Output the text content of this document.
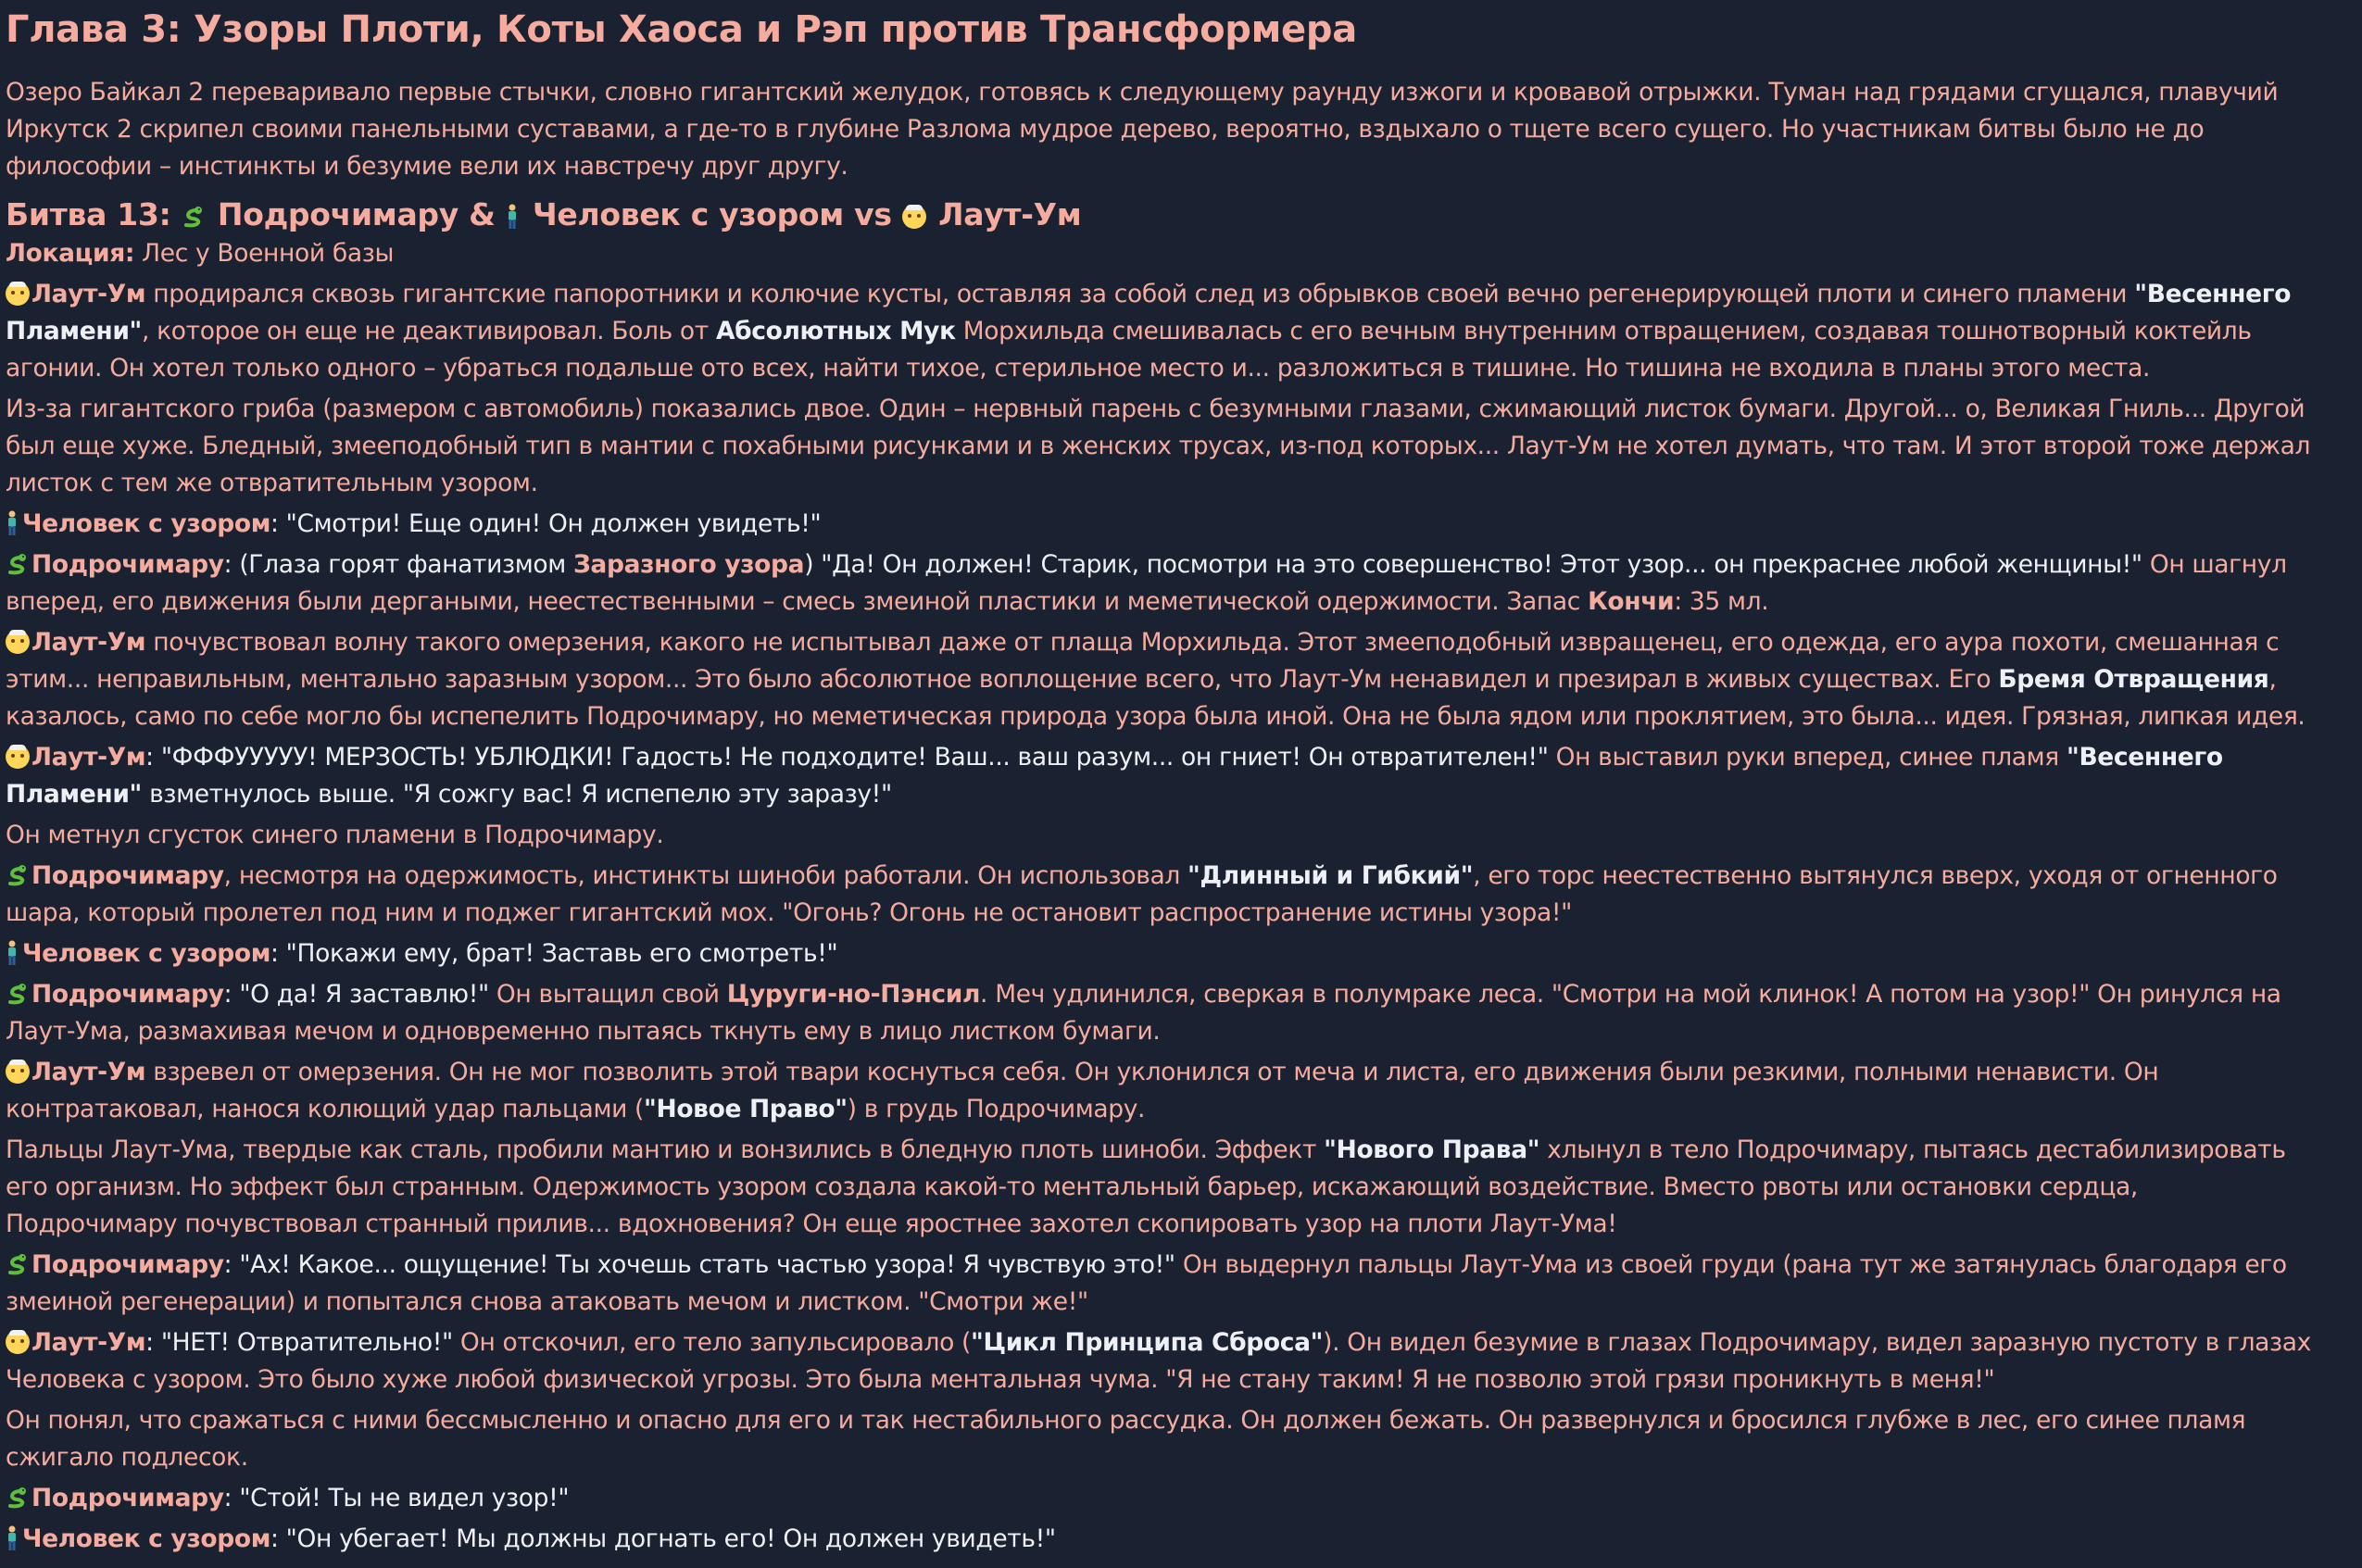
Глава 3: Узоры Плоти, Коты Хаоса и Рэп против Трансформера

Озеро Байкал 2 переваривало первые стычки, словно гигантский желудок, готовясь к следующему раунду изжоги и кровавой отрыжки. Туман над грядами сгущался, плавучий Иркутск 2 скрипел своими панельными суставами, а где-то в глубине Разлома мудрое дерево, вероятно, вздыхало о тщете всего сущего. Но участникам битвы было не до философии – инстинкты и безумие вели их навстречу друг другу.

Битва 13: Подрочимару & Человек с узором vs Лаут-Ум

Локация: Лес у Военной базы

Лаут-Ум продирался сквозь гигантские папоротники и колючие кусты, оставляя за собой след из обрывков своей вечно регенерирующей плоти и синего пламени "Весеннего Пламени", которое он еще не деактивировал. Боль от Абсолютных Мук Морхильда смешивалась с его вечным внутренним отвращением, создавая тошнотворный коктейль агонии. Он хотел только одного – убраться подальше ото всех, найти тихое, стерильное место и... разложиться в тишине. Но тишина не входила в планы этого места.

Из-за гигантского гриба (размером с автомобиль) показались двое. Один – нервный парень с безумными глазами, сжимающий листок бумаги. Другой... о, Великая Гниль... Другой был еще хуже. Бледный, змееподобный тип в мантии с похабными рисунками и в женских трусах, из-под которых... Лаут-Ум не хотел думать, что там. И этот второй тоже держал листок с тем же отвратительным узором.

Человек с узором: "Смотри! Еще один! Он должен увидеть!"

Подрочимару: (Глаза горят фанатизмом Заразного узора) "Да! Он должен! Старик, посмотри на это совершенство! Этот узор... он прекраснее любой женщины!" Он шагнул вперед, его движения были дергаными, неестественными – смесь змеиной пластики и меметической одержимости. Запас Кончи: 35 мл.

Лаут-Ум почувствовал волну такого омерзения, какого не испытывал даже от плаща Морхильда. Этот змееподобный извращенец, его одежда, его аура похоти, смешанная с этим... неправильным, ментально заразным узором... Это было абсолютное воплощение всего, что Лаут-Ум ненавидел и презирал в живых существах. Его Бремя Отвращения, казалось, само по себе могло бы испепелить Подрочимару, но меметическая природа узора была иной. Она не была ядом или проклятием, это была... идея. Грязная, липкая идея.

Лаут-Ум: "ФФФУУУУУ! МЕРЗОСТЬ! УБЛЮДКИ! Гадость! Не подходите! Ваш... ваш разум... он гниет! Он отвратителен!" Он выставил руки вперед, синее пламя "Весеннего Пламени" взметнулось выше. "Я сожгу вас! Я испепелю эту заразу!"

Он метнул сгусток синего пламени в Подрочимару.

Подрочимару, несмотря на одержимость, инстинкты шиноби работали. Он использовал "Длинный и Гибкий", его торс неестественно вытянулся вверх, уходя от огненного шара, который пролетел под ним и поджег гигантский мох. "Огонь? Огонь не остановит распространение истины узора!"

Человек с узором: "Покажи ему, брат! Заставь его смотреть!"

Подрочимару: "О да! Я заставлю!" Он вытащил свой Цуруги-но-Пэнсил. Меч удлинился, сверкая в полумраке леса. "Смотри на мой клинок! А потом на узор!" Он ринулся на Лаут-Ума, размахивая мечом и одновременно пытаясь ткнуть ему в лицо листком бумаги.

Лаут-Ум взревел от омерзения. Он не мог позволить этой твари коснуться себя. Он уклонился от меча и листа, его движения были резкими, полными ненависти. Он контратаковал, нанося колющий удар пальцами ("Новое Право") в грудь Подрочимару.

Пальцы Лаут-Ума, твердые как сталь, пробили мантию и вонзились в бледную плоть шиноби. Эффект "Нового Права" хлынул в тело Подрочимару, пытаясь дестабилизировать его организм. Но эффект был странным. Одержимость узором создала какой-то ментальный барьер, искажающий воздействие. Вместо рвоты или остановки сердца, Подрочимару почувствовал странный прилив... вдохновения? Он еще яростнее захотел скопировать узор на плоти Лаут-Ума!

Подрочимару: "Ах! Какое... ощущение! Ты хочешь стать частью узора! Я чувствую это!" Он выдернул пальцы Лаут-Ума из своей груди (рана тут же затянулась благодаря его змеиной регенерации) и попытался снова атаковать мечом и листком. "Смотри же!"

Лаут-Ум: "НЕТ! Отвратительно!" Он отскочил, его тело запульсировало ("Цикл Принципа Сброса"). Он видел безумие в глазах Подрочимару, видел заразную пустоту в глазах Человека с узором. Это было хуже любой физической угрозы. Это была ментальная чума. "Я не стану таким! Я не позволю этой грязи проникнуть в меня!"

Он понял, что сражаться с ними бессмысленно и опасно для его и так нестабильного рассудка. Он должен бежать. Он развернулся и бросился глубже в лес, его синее пламя сжигало подлесок.

Подрочимару: "Стой! Ты не видел узор!"

Человек с узором: "Он убегает! Мы должны догнать его! Он должен увидеть!"
